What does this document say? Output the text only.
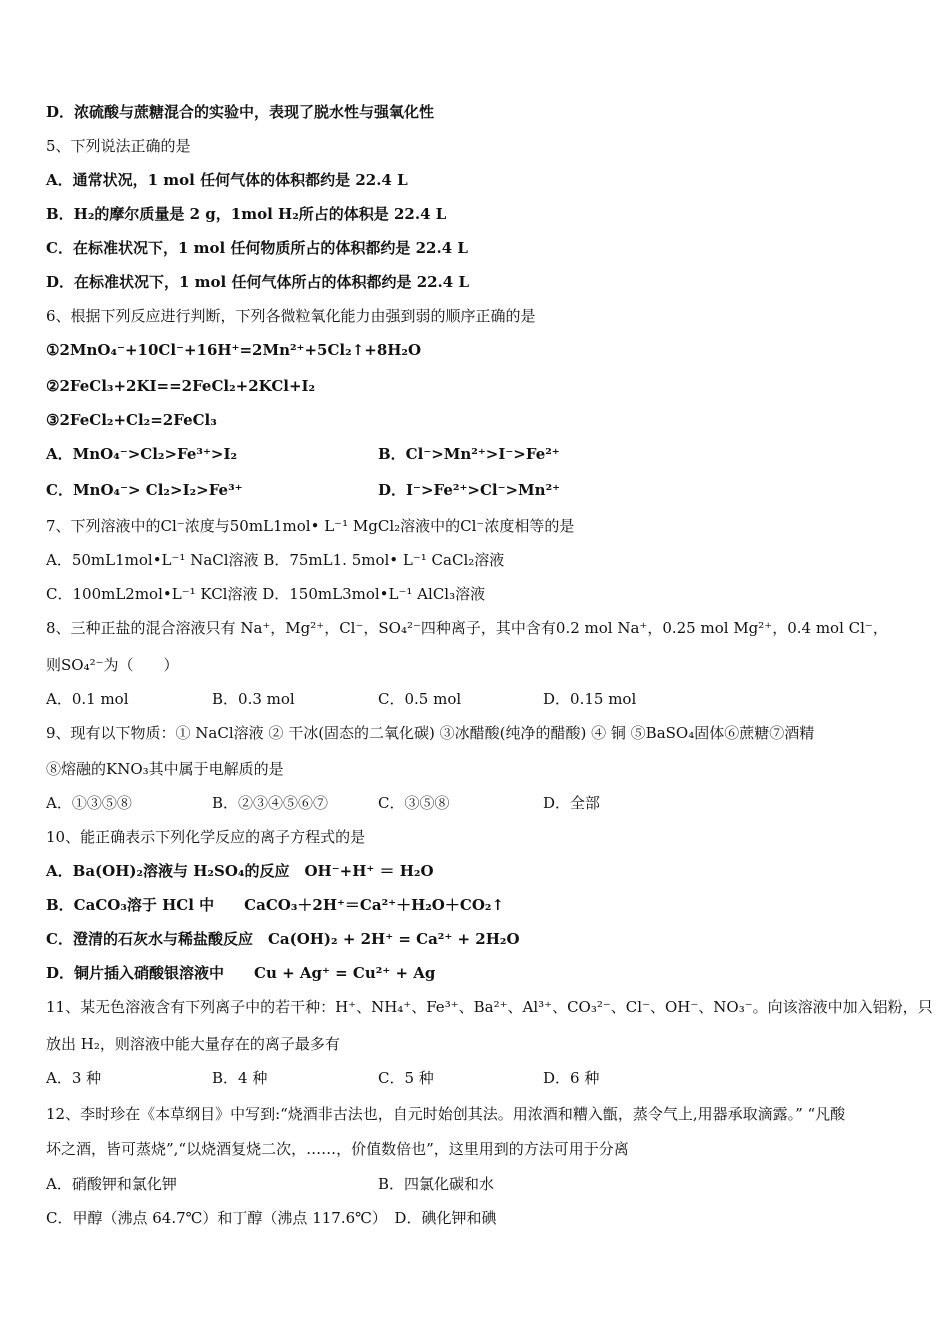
D．浓硫酸与蔗糖混合的实验中，表现了脱水性与强氧化性
5、下列说法正确的是
A．通常状况，1 mol 任何气体的体积都约是 22.4 L
B．H₂的摩尔质量是 2 g，1mol H₂所占的体积是 22.4 L
C．在标准状况下，1 mol 任何物质所占的体积都约是 22.4 L
D．在标准状况下，1 mol 任何气体所占的体积都约是 22.4 L
6、根据下列反应进行判断，下列各微粒氧化能力由强到弱的顺序正确的是
①2MnO₄⁻+10Cl⁻+16H⁺=2Mn²⁺+5Cl₂↑+8H₂O
②2FeCl₃+2KI==2FeCl₂+2KCl+I₂
③2FeCl₂+Cl₂=2FeCl₃
A．MnO₄⁻>Cl₂>Fe³⁺>I₂	B．Cl⁻>Mn²⁺>I⁻>Fe²⁺
C．MnO₄⁻> Cl₂>I₂>Fe³⁺	D．I⁻>Fe²⁺>Cl⁻>Mn²⁺
7、下列溶液中的Cl⁻浓度与50mL1mol• L⁻¹ MgCl₂溶液中的Cl⁻浓度相等的是
A．50mL1mol•L⁻¹ NaCl溶液 B．75mL1. 5mol• L⁻¹ CaCl₂溶液
C．100mL2mol•L⁻¹ KCl溶液 D．150mL3mol•L⁻¹ AlCl₃溶液
8、三种正盐的混合溶液只有 Na⁺，Mg²⁺，Cl⁻，SO₄²⁻四种离子，其中含有0.2 mol Na⁺，0.25 mol Mg²⁺，0.4 mol Cl⁻，
则SO₄²⁻为（　　）
A．0.1 mol	B．0.3 mol	C．0.5 mol	D．0.15 mol
9、现有以下物质：① NaCl溶液 ② 干冰(固态的二氧化碳) ③冰醋酸(纯净的醋酸) ④ 铜 ⑤BaSO₄固体⑥蔗糖⑦酒精
⑧熔融的KNO₃其中属于电解质的是
A．①③⑤⑧	B．②③④⑤⑥⑦	C．③⑤⑧	D．全部
10、能正确表示下列化学反应的离子方程式的是
A．Ba(OH)₂溶液与 H₂SO₄的反应　OH⁻+H⁺ ＝ H₂O
B．CaCO₃溶于 HCl 中　　CaCO₃＋2H⁺＝Ca²⁺＋H₂O＋CO₂↑
C．澄清的石灰水与稀盐酸反应　Ca(OH)₂ + 2H⁺ = Ca²⁺ + 2H₂O
D．铜片插入硝酸银溶液中　　Cu + Ag⁺ = Cu²⁺ + Ag
11、某无色溶液含有下列离子中的若干种：H⁺、NH₄⁺、Fe³⁺、Ba²⁺、Al³⁺、CO₃²⁻、Cl⁻、OH⁻、NO₃⁻。向该溶液中加入铝粉，只
放出 H₂，则溶液中能大量存在的离子最多有
A．3 种	B．4 种	C．5 种	D．6 种
12、李时珍在《本草纲目》中写到:“烧酒非古法也，自元时始创其法。用浓酒和糟入甑，蒸令气上,用器承取滴露。” “凡酸
坏之酒，皆可蒸烧”,“以烧酒复烧二次，……，价值数倍也”，这里用到的方法可用于分离
A．硝酸钾和氯化钾	B．四氯化碳和水
C．甲醇（沸点 64.7℃）和丁醇（沸点 117.6℃）　D．碘化钾和碘
